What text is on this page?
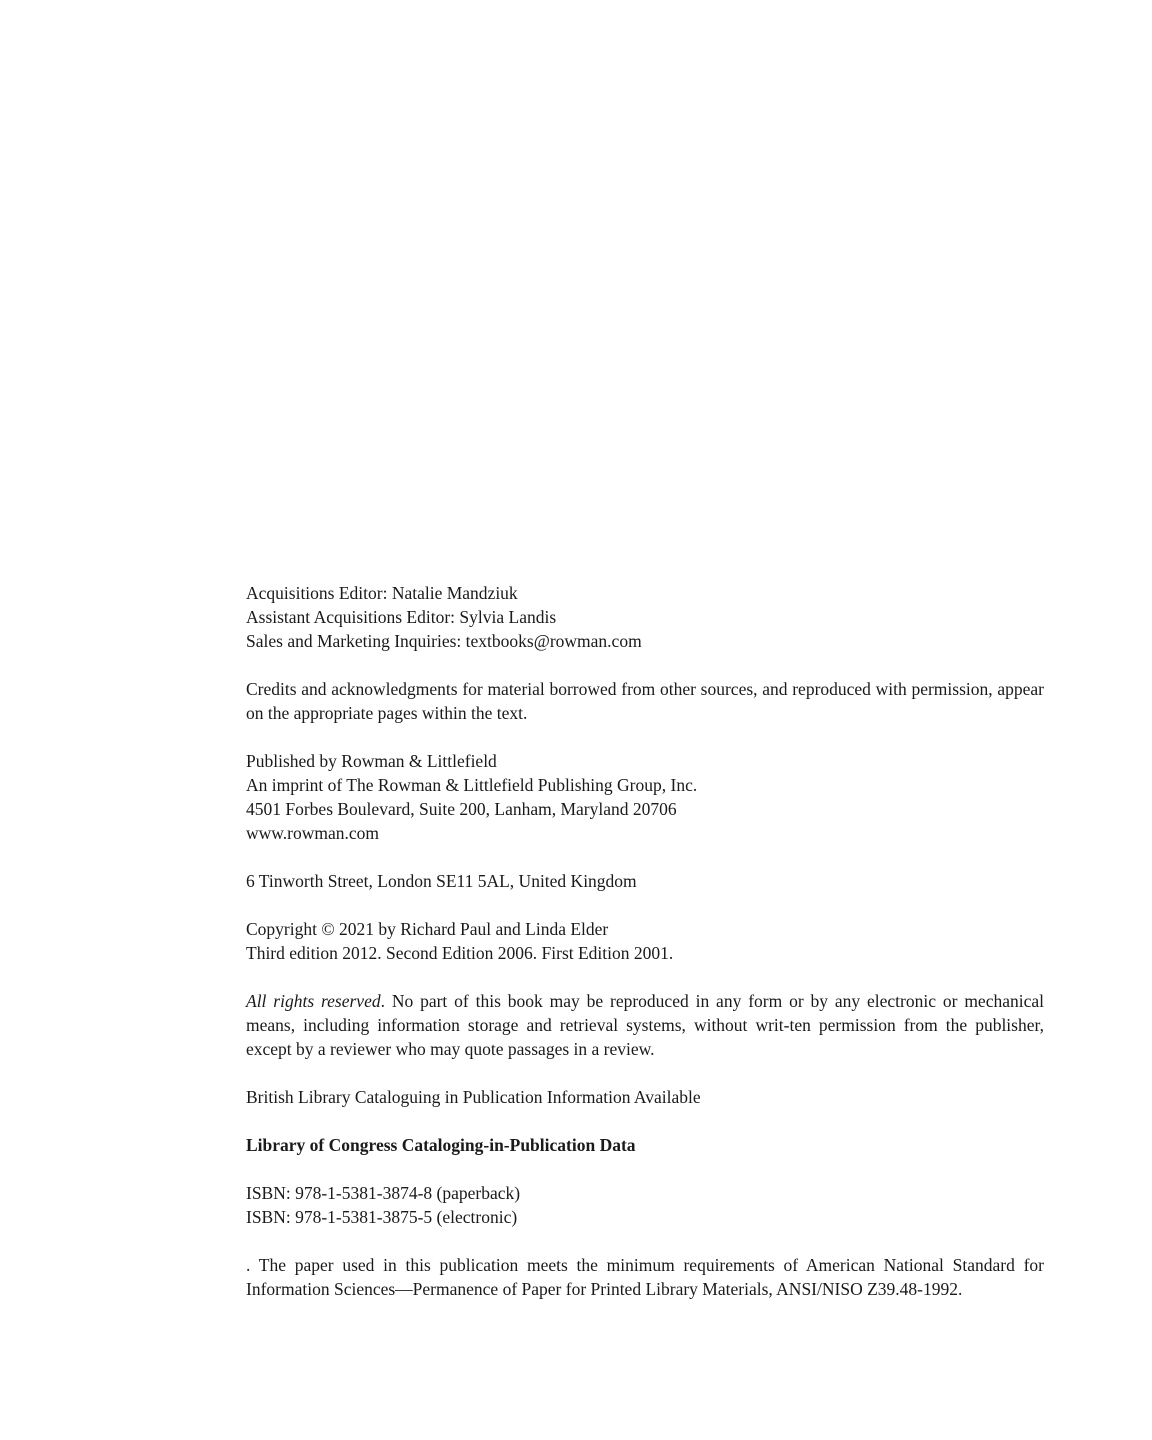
Acquisitions Editor: Natalie Mandziuk
Assistant Acquisitions Editor: Sylvia Landis
Sales and Marketing Inquiries: textbooks@rowman.com
Credits and acknowledgments for material borrowed from other sources, and reproduced with permission, appear on the appropriate pages within the text.
Published by Rowman & Littlefield
An imprint of The Rowman & Littlefield Publishing Group, Inc.
4501 Forbes Boulevard, Suite 200, Lanham, Maryland 20706
www.rowman.com
6 Tinworth Street, London SE11 5AL, United Kingdom
Copyright © 2021 by Richard Paul and Linda Elder
Third edition 2012. Second Edition 2006. First Edition 2001.
All rights reserved. No part of this book may be reproduced in any form or by any electronic or mechanical means, including information storage and retrieval systems, without writ-ten permission from the publisher, except by a reviewer who may quote passages in a review.
British Library Cataloguing in Publication Information Available
Library of Congress Cataloging-in-Publication Data
ISBN: 978-1-5381-3874-8 (paperback)
ISBN: 978-1-5381-3875-5 (electronic)
. The paper used in this publication meets the minimum requirements of American National Standard for Information Sciences—Permanence of Paper for Printed Library Materials, ANSI/NISO Z39.48-1992.
